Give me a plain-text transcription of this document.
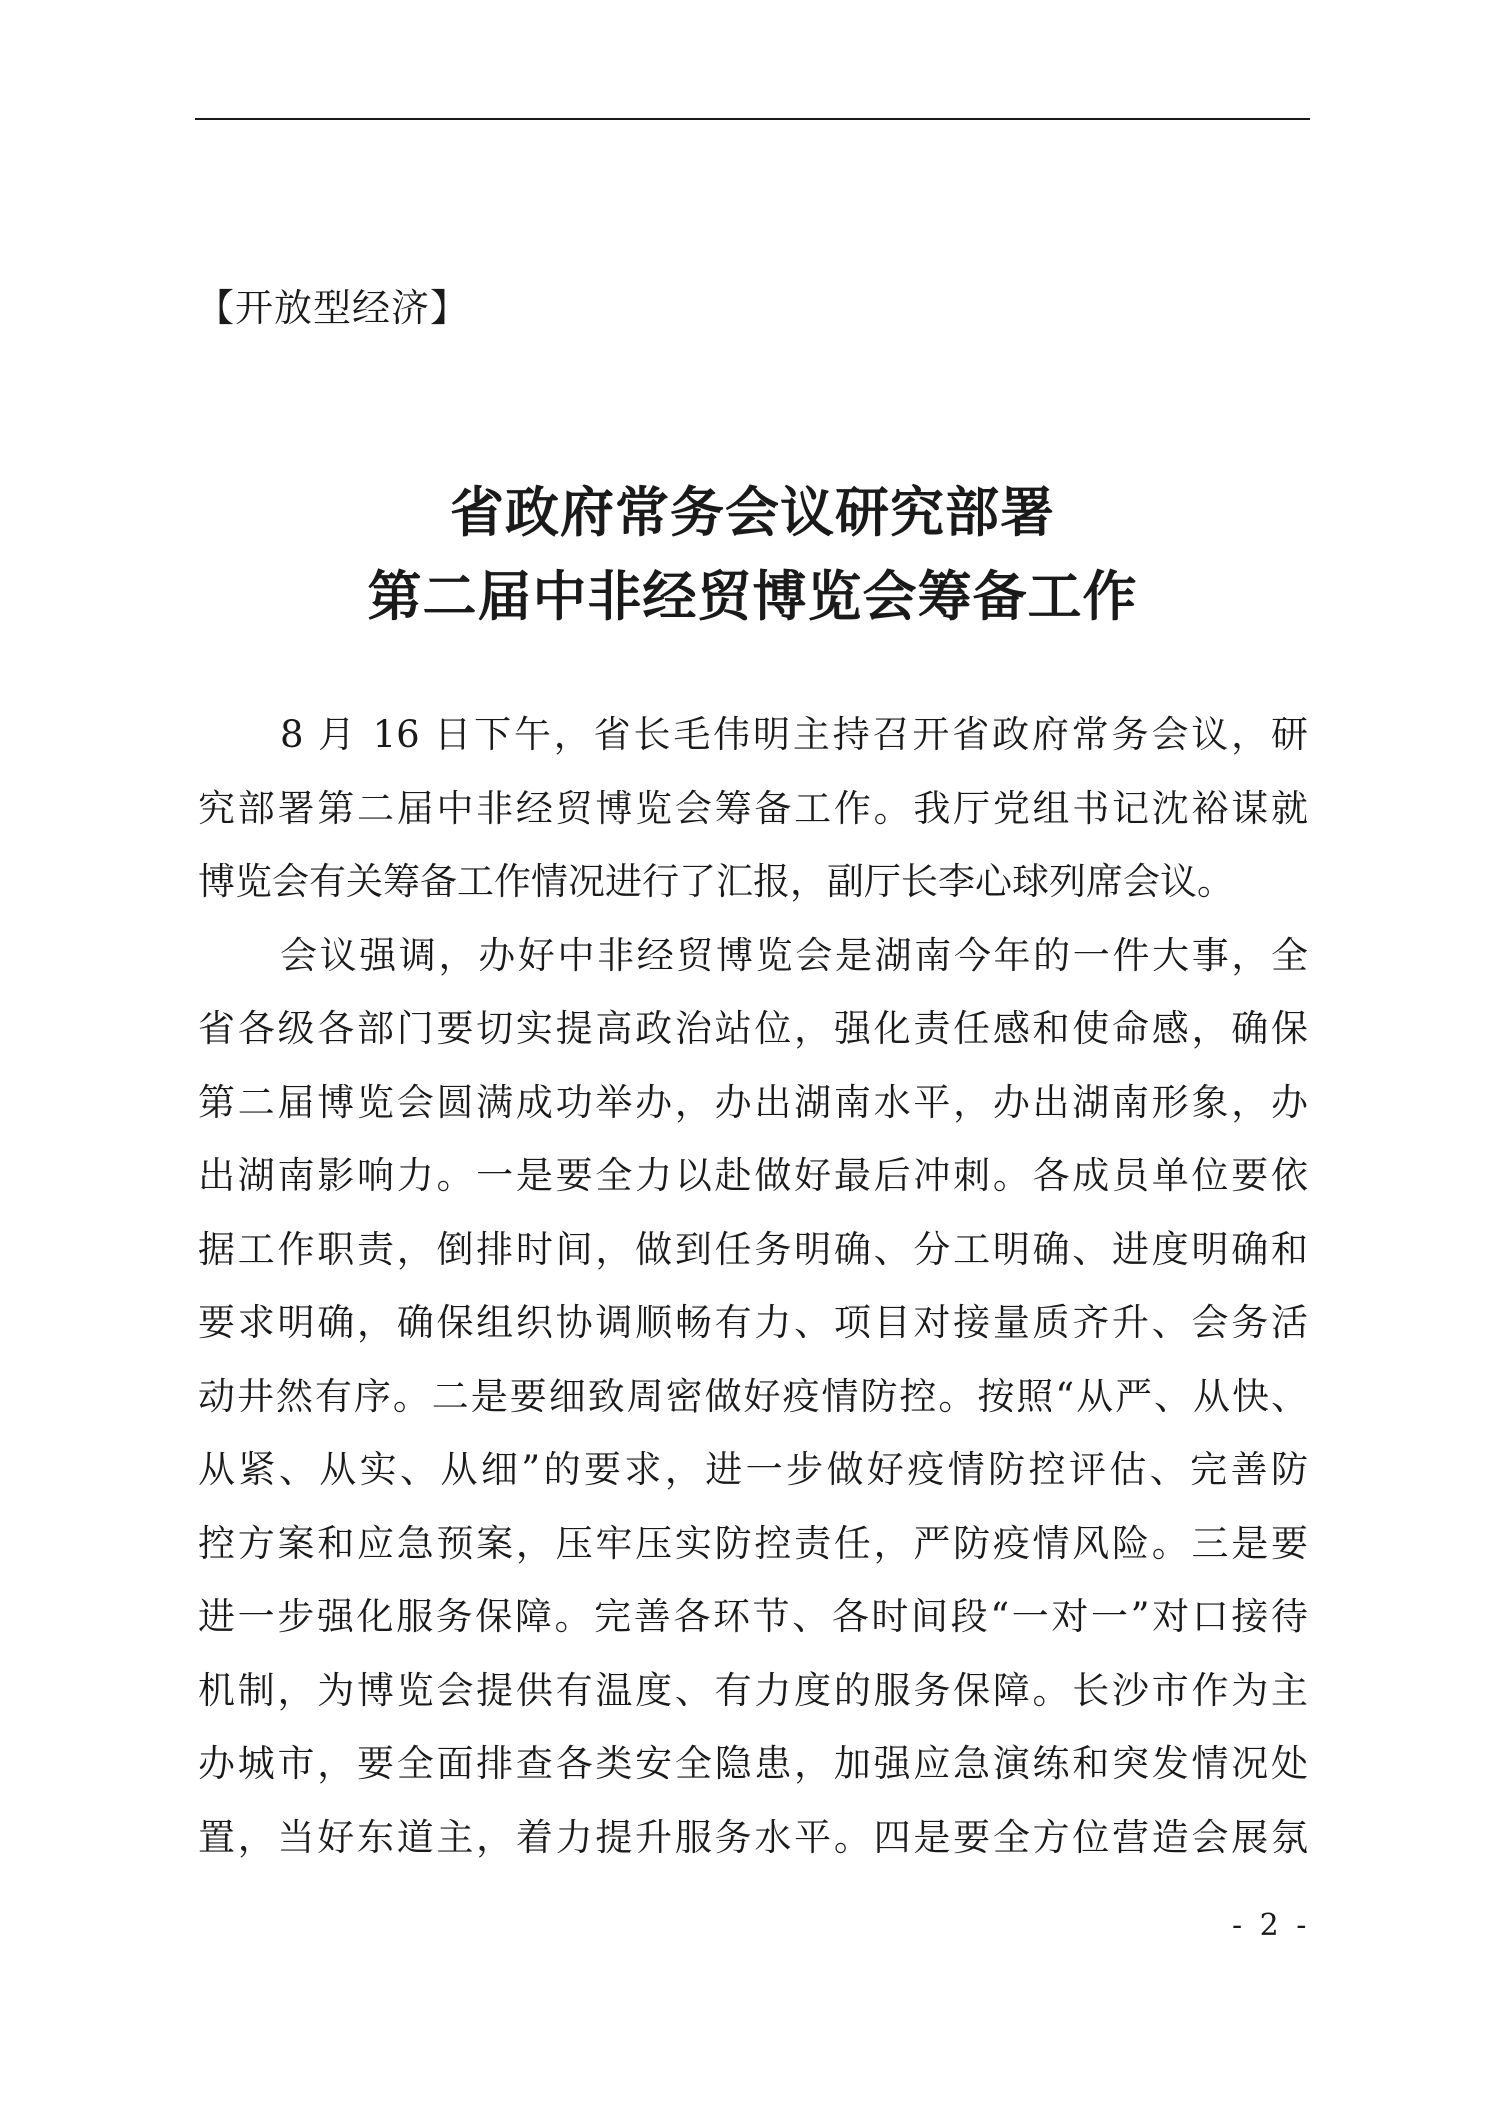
【开放型经济】
省政府常务会议研究部署
第二届中非经贸博览会筹备工作
8 月 16 日下午，省长毛伟明主持召开省政府常务会议，研
究部署第二届中非经贸博览会筹备工作。我厅党组书记沈裕谋就
博览会有关筹备工作情况进行了汇报，副厅长李心球列席会议。
会议强调，办好中非经贸博览会是湖南今年的一件大事，全
省各级各部门要切实提高政治站位，强化责任感和使命感，确保
第二届博览会圆满成功举办，办出湖南水平，办出湖南形象，办
出湖南影响力。一是要全力以赴做好最后冲刺。各成员单位要依
据工作职责，倒排时间，做到任务明确、分工明确、进度明确和
要求明确，确保组织协调顺畅有力、项目对接量质齐升、会务活
动井然有序。二是要细致周密做好疫情防控。按照“从严、从快、
从紧、从实、从细”的要求，进一步做好疫情防控评估、完善防
控方案和应急预案，压牢压实防控责任，严防疫情风险。三是要
进一步强化服务保障。完善各环节、各时间段“一对一”对口接待
机制，为博览会提供有温度、有力度的服务保障。长沙市作为主
办城市，要全面排查各类安全隐患，加强应急演练和突发情况处
置，当好东道主，着力提升服务水平。四是要全方位营造会展氛
- 2 -
